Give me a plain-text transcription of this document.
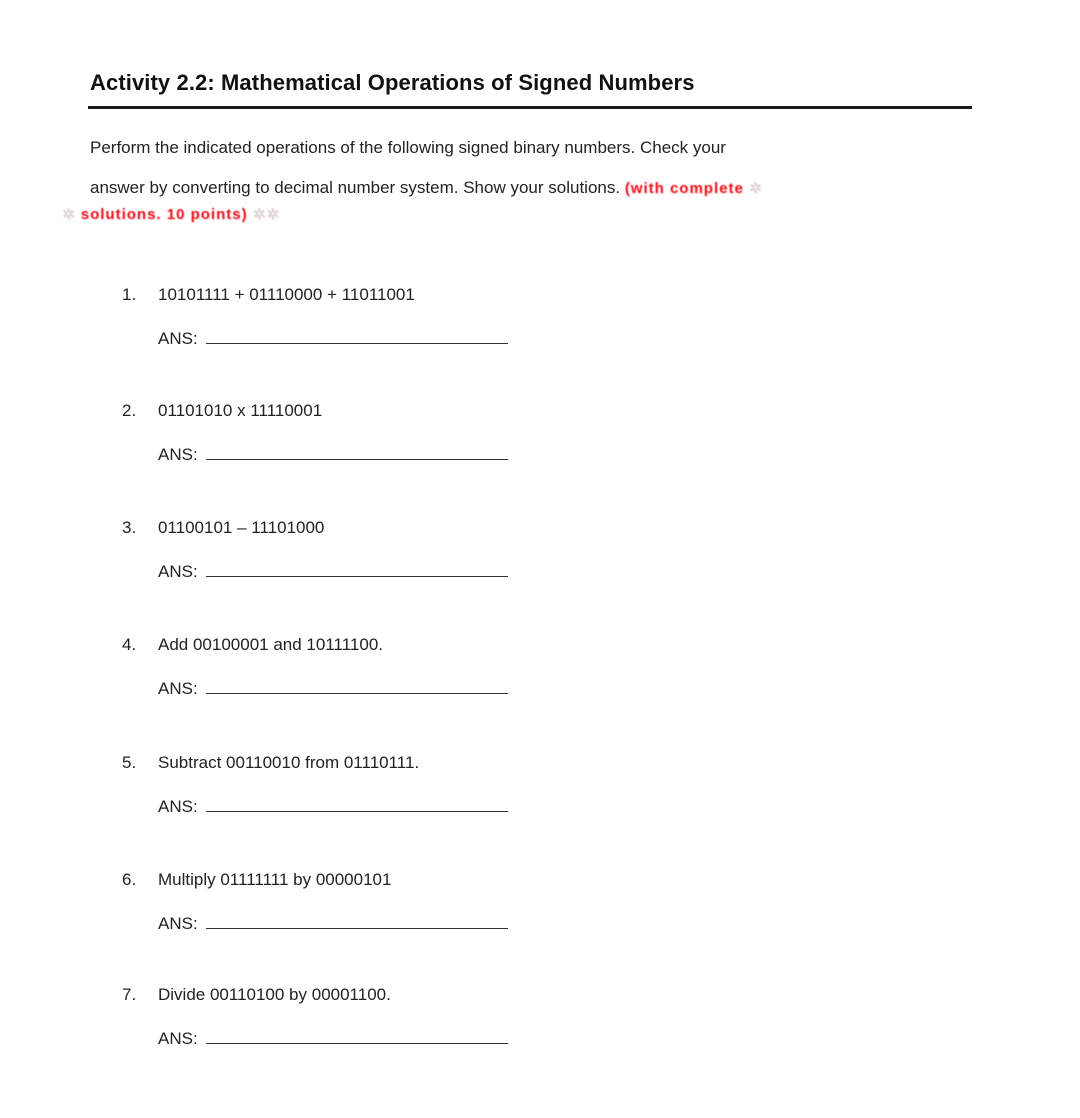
Activity 2.2: Mathematical Operations of Signed Numbers
Perform the indicated operations of the following signed binary numbers. Check your
answer by converting to decimal number system. Show your solutions. (with complete ✲
✲ solutions. 10 points) ✲✲
1.	10101111 + 01110000 + 11011001
ANS:
2.	01101010 x 11110001
ANS:
3.	01100101 – 11101000
ANS:
4.	Add 00100001 and 10111100.
ANS:
5.	Subtract 00110010 from 01110111.
ANS:
6.	Multiply 01111111 by 00000101
ANS:
7.	Divide 00110100 by 00001100.
ANS:
